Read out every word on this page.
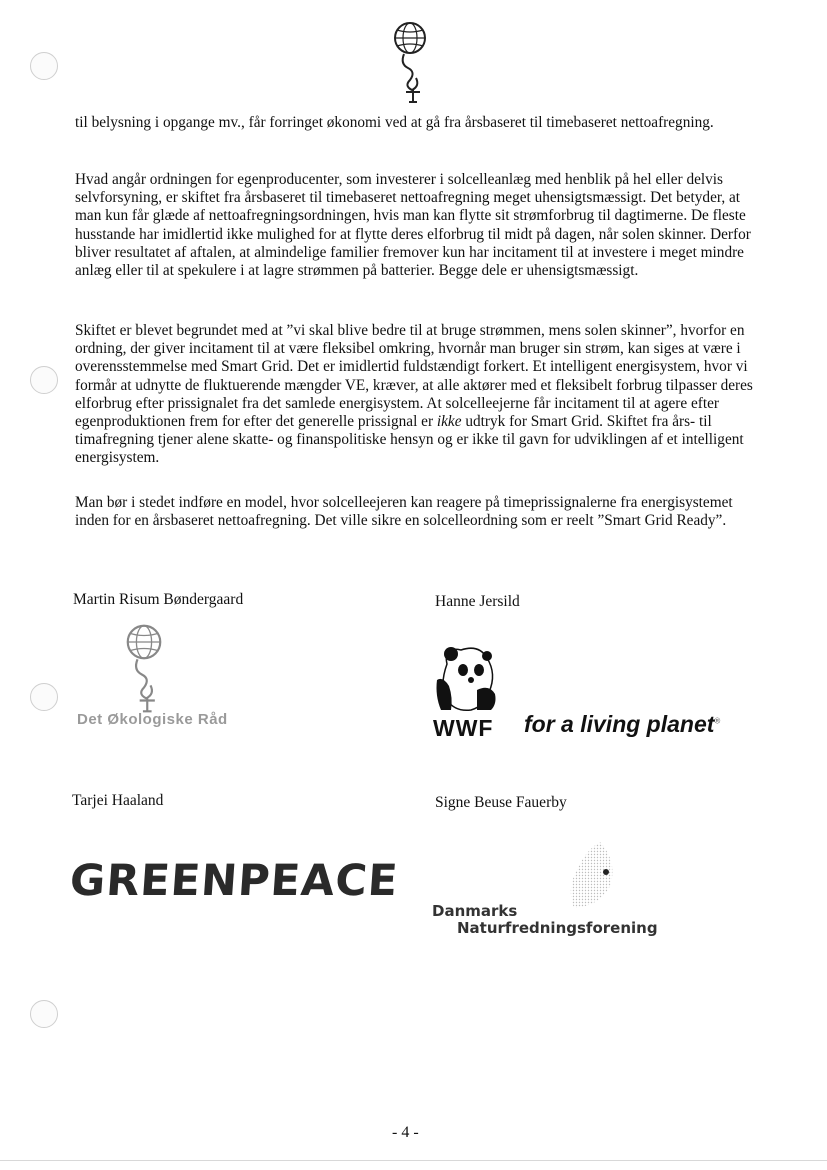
til belysning i opgange mv., får forringet økonomi ved at gå fra årsbaseret til timebaseret nettoafregning.

Hvad angår ordningen for egenproducenter, som investerer i solcelleanlæg med henblik på hel eller delvis selvforsyning, er skiftet fra årsbaseret til timebaseret nettoafregning meget uhensigtsmæssigt. Det betyder, at man kun får glæde af nettoafregningsordningen, hvis man kan flytte sit strømforbrug til dagtimerne. De fleste husstande har imidlertid ikke mulighed for at flytte deres elforbrug til midt på dagen, når solen skinner. Derfor bliver resultatet af aftalen, at almindelige familier fremover kun har incitament til at investere i meget mindre anlæg eller til at spekulere i at lagre strømmen på batterier. Begge dele er uhensigtsmæssigt.

Skiftet er blevet begrundet med at ”vi skal blive bedre til at bruge strømmen, mens solen skinner”, hvorfor en ordning, der giver incitament til at være fleksibel omkring, hvornår man bruger sin strøm, kan siges at være i overensstemmelse med Smart Grid. Det er imidlertid fuldstændigt forkert. Et intelligent energisystem, hvor vi formår at udnytte de fluktuerende mængder VE, kræver, at alle aktører med et fleksibelt forbrug tilpasser deres elforbrug efter prissignalet fra det samlede energisystem. At solcelleejerne får incitament til at agere efter egenproduktionen frem for efter det generelle prissignal er ikke udtryk for Smart Grid. Skiftet fra års- til timafregning tjener alene skatte- og finanspolitiske hensyn og er ikke til gavn for udviklingen af et intelligent energisystem.

Man bør i stedet indføre en model, hvor solcelleejeren kan reagere på timeprissignalerne fra energisystemet inden for en årsbaseret nettoafregning. Det ville sikre en solcelleordning som er reelt ”Smart Grid Ready”.

Martin Risum Bøndergaard	Hanne Jersild
Det Økologiske Råd	WWF for a living planet®
Tarjei Haaland	Signe Beuse Fauerby
GREENPEACE
Danmarks
Naturfredningsforening
- 4 -
